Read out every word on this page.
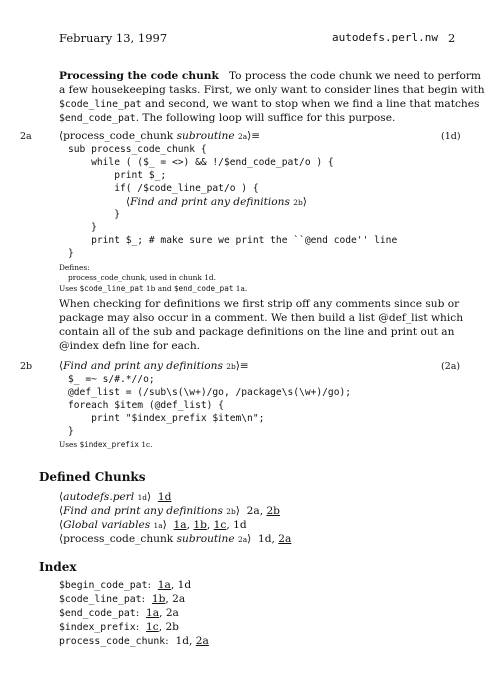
February 13, 1997	autodefs.perl.nw 2
Processing the code chunk To process the code chunk we need to perform
a few housekeeping tasks. First, we only want to consider lines that begin with
$code_line_pat and second, we want to stop when we find a line that matches
$end_code_pat. The following loop will suffice for this purpose.
2a	⟨process_code_chunk subroutine 2a⟩≡	(1d)
sub process_code_chunk {
while ( ($_ = <>) && !/$end_code_pat/o ) {
print $_;
if( /$code_line_pat/o ) {
⟨Find and print any definitions 2b⟩
}
}
print $_; # make sure we print the ``@end code'' line
}
Defines:
process_code_chunk, used in chunk 1d.
Uses $code_line_pat 1b and $end_code_pat 1a.
When checking for definitions we first strip off any comments since sub or
package may also occur in a comment. We then build a list @def_list which
contain all of the sub and package definitions on the line and print out an
@index defn line for each.
2b	⟨Find and print any definitions 2b⟩≡	(2a)
$_ =~ s/#.*//o;
@def_list = (/sub\s(\w+)/go, /package\s(\w+)/go);
foreach $item (@def_list) {
print "$index_prefix $item\n";
}
Uses $index_prefix 1c.
Defined Chunks
⟨autodefs.perl 1d⟩ 1d
⟨Find and print any definitions 2b⟩ 2a, 2b
⟨Global variables 1a⟩ 1a, 1b, 1c, 1d
⟨process_code_chunk subroutine 2a⟩ 1d, 2a
Index
$begin_code_pat:  1a, 1d
$code_line_pat:  1b, 2a
$end_code_pat:  1a, 2a
$index_prefix:  1c, 2b
process_code_chunk:  1d, 2a
